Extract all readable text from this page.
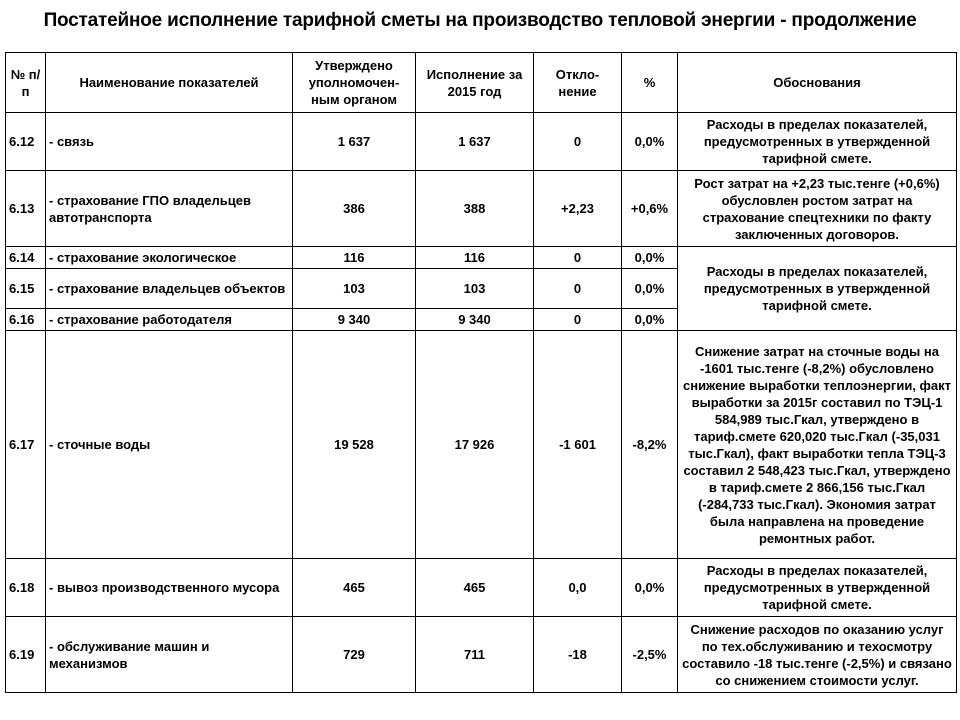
Постатейное исполнение тарифной сметы на производство тепловой энергии - продолжение
№ п/п	Наименование показателей	Утверждено уполномочен-ным органом	Исполнение за 2015 год	Откло-нение	%	Обоснования
6.12	- связь	1 637	1 637	0	0,0%	Расходы в пределах показателей, предусмотренных в утвержденной тарифной смете.
6.13	- страхование ГПО владельцев автотранспорта	386	388	+2,23	+0,6%	Рост затрат на +2,23 тыс.тенге (+0,6%) обусловлен ростом затрат на страхование спецтехники по факту заключенных договоров.
6.14	- страхование экологическое	116	116	0	0,0%	Расходы в пределах показателей, предусмотренных в утвержденной тарифной смете.
6.15	- страхование владельцев объектов	103	103	0	0,0%	
6.16	- страхование работодателя	9 340	9 340	0	0,0%	
6.17	- сточные воды	19 528	17 926	-1 601	-8,2%	Снижение затрат на сточные воды на -1601 тыс.тенге (-8,2%) обусловлено снижение выработки теплоэнергии, факт выработки за 2015г составил по ТЭЦ-1 584,989 тыс.Гкал, утверждено в тариф.смете 620,020 тыс.Гкал (-35,031 тыс.Гкал), факт выработки тепла ТЭЦ-3 составил 2 548,423 тыс.Гкал, утверждено в тариф.смете 2 866,156 тыс.Гкал (-284,733 тыс.Гкал). Экономия затрат была направлена на проведение ремонтных работ.
6.18	- вывоз производственного мусора	465	465	0,0	0,0%	Расходы в пределах показателей, предусмотренных в утвержденной тарифной смете.
6.19	- обслуживание машин и механизмов	729	711	-18	-2,5%	Снижение расходов по оказанию услуг по тех.обслуживанию и техосмотру составило -18 тыс.тенге (-2,5%) и связано со снижением стоимости услуг.
